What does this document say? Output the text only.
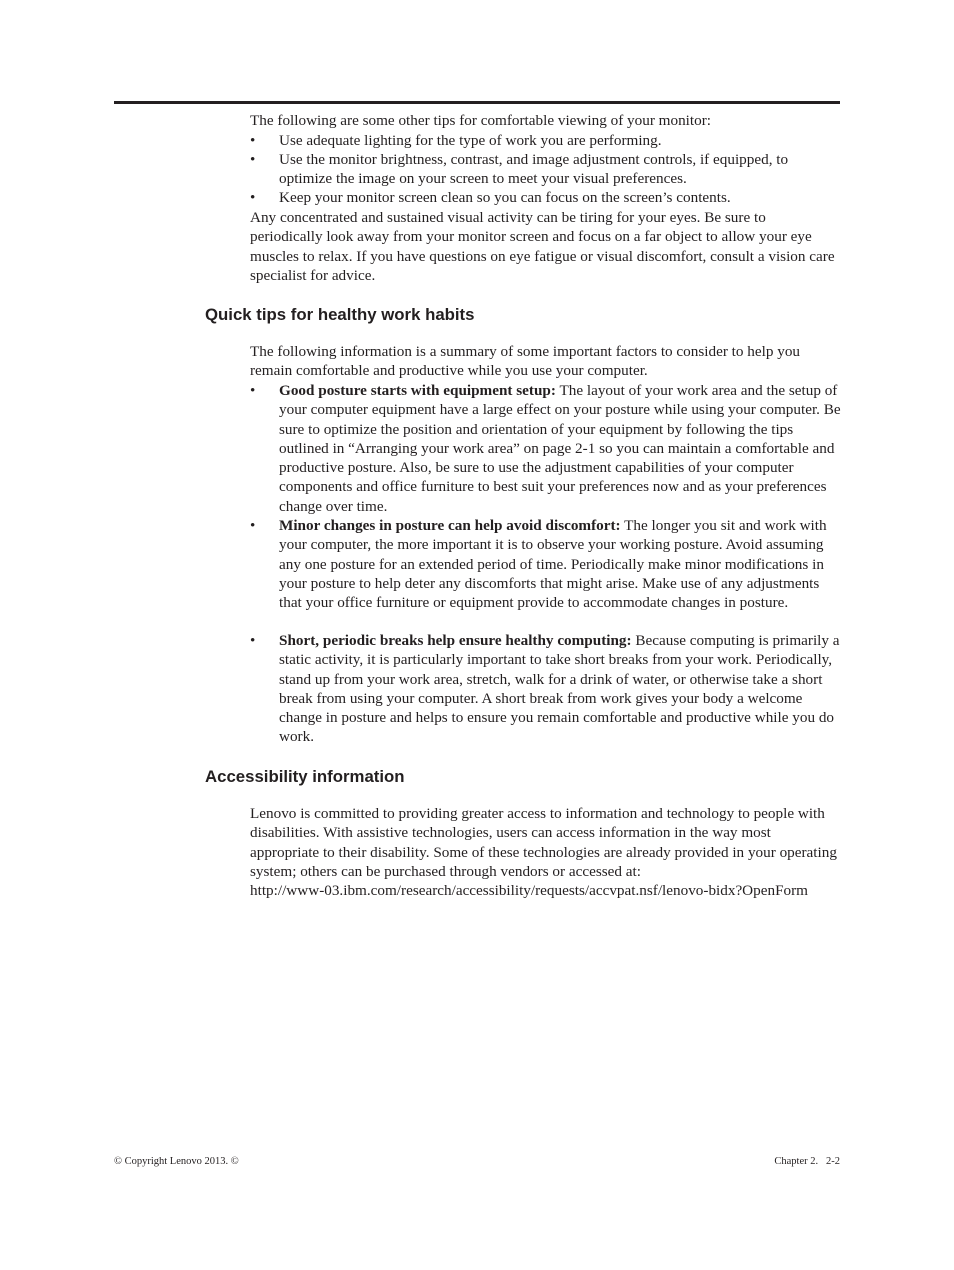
The following are some other tips for comfortable viewing of your monitor:

•	Use adequate lighting for the type of work you are performing.
•	Use the monitor brightness, contrast, and image adjustment controls, if equipped, to optimize the image on your screen to meet your visual preferences.
•	Keep your monitor screen clean so you can focus on the screen’s contents.

Any concentrated and sustained visual activity can be tiring for your eyes. Be sure to periodically look away from your monitor screen and focus on a far object to allow your eye muscles to relax. If you have questions on eye fatigue or visual discomfort, consult a vision care specialist for advice.

Quick tips for healthy work habits

The following information is a summary of some important factors to consider to help you remain comfortable and productive while you use your computer.

•	Good posture starts with equipment setup: The layout of your work area and the setup of your computer equipment have a large effect on your posture while using your computer. Be sure to optimize the position and orientation of your equipment by following the tips outlined in “Arranging your work area” on page 2-1 so you can maintain a comfortable and productive posture. Also, be sure to use the adjustment capabilities of your computer components and office furniture to best suit your preferences now and as your preferences change over time.
•	Minor changes in posture can help avoid discomfort: The longer you sit and work with your computer, the more important it is to observe your working posture. Avoid assuming any one posture for an extended period of time. Periodically make minor modifications in your posture to help deter any discomforts that might arise. Make use of any adjustments that your office furniture or equipment provide to accommodate changes in posture.
•	Short, periodic breaks help ensure healthy computing: Because computing is primarily a static activity, it is particularly important to take short breaks from your work. Periodically, stand up from your work area, stretch, walk for a drink of water, or otherwise take a short break from using your computer. A short break from work gives your body a welcome change in posture and helps to ensure you remain comfortable and productive while you do work.
Accessibility information

Lenovo is committed to providing greater access to information and technology to people with disabilities. With assistive technologies, users can access information in the way most appropriate to their disability. Some of these technologies are already provided in your operating system; others can be purchased through vendors or accessed at:

http://www-03.ibm.com/research/accessibility/requests/accvpat.nsf/lenovo-bidx?OpenForm
© Copyright Lenovo 2013. ©	Chapter 2.   2-2
